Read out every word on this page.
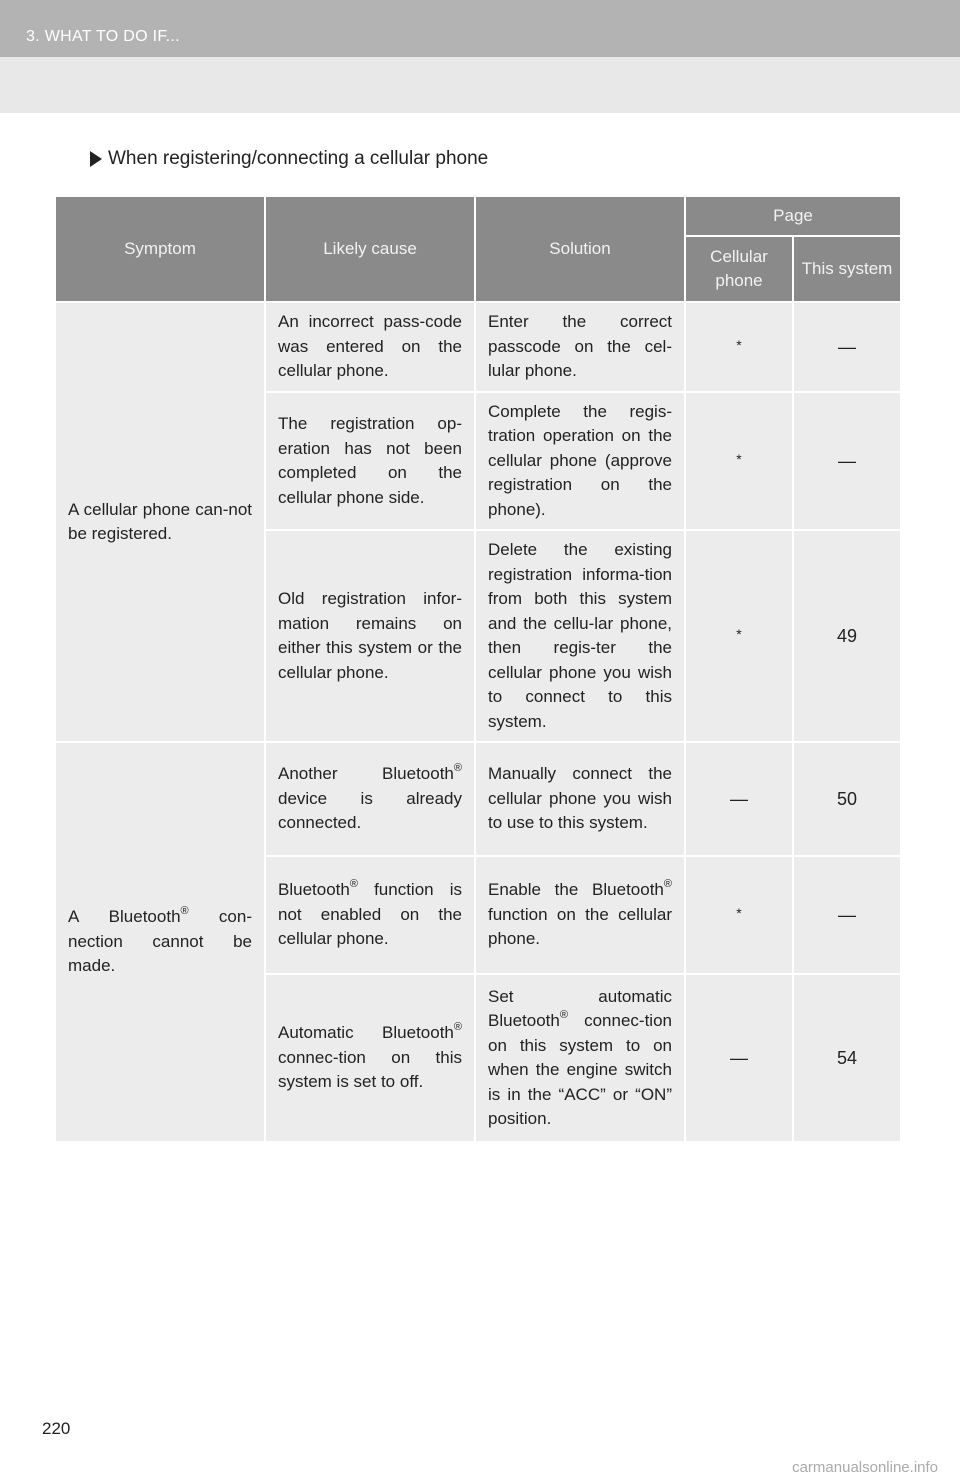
3. WHAT TO DO IF...
When registering/connecting a cellular phone
Symptom	Likely cause	Solution	Page	
			Cellular phone	This system
A cellular phone can-not be registered.	An incorrect pass-code was entered on the cellular phone.	Enter the correct passcode on the cel-lular phone.	*	—
	The registration op-eration has not been completed on the cellular phone side.	Complete the regis-tration operation on the cellular phone (approve registration on the phone).	*	—
	Old registration infor-mation remains on either this system or the cellular phone.	Delete the existing registration informa-tion from both this system and the cellu-lar phone, then regis-ter the cellular phone you wish to connect to this system.	*	49
A Bluetooth® con-nection cannot be made.	Another Bluetooth® device is already connected.	Manually connect the cellular phone you wish to use to this system.	—	50
	Bluetooth® function is not enabled on the cellular phone.	Enable the Bluetooth® function on the cellular phone.	*	—
	Automatic Bluetooth® connec-tion on this system is set to off.	Set automatic Bluetooth® connec-tion on this system to on when the engine switch is in the “ACC” or “ON” position.	—	54
220
carmanualsonline.info
